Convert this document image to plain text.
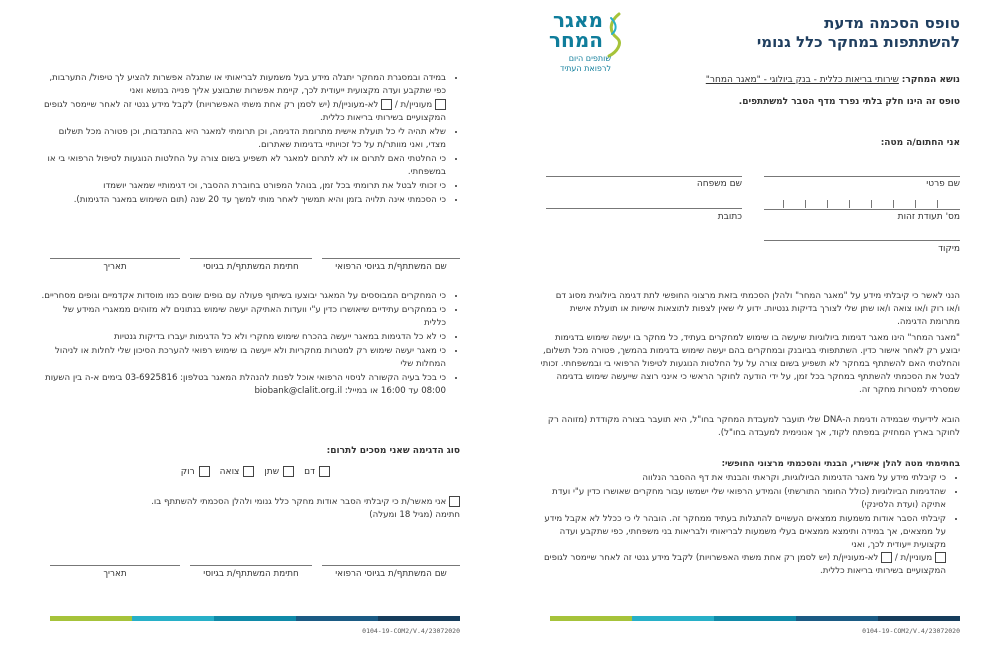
• במידה ובמסגרת המחקר יתגלה מידע בעל משמעות לבריאותי או שתגלה אפשרות להציע לך טיפול/ התערבות, כפי שתקבע ועדה מקצועית ייעודית לכך, קיימת אפשרות שתבוצע אליך פנייה בנושא ואני
מעוניין/ת /  לא-מעוניין/ת (יש לסמן רק אחת משתי האפשרויות) לקבל מידע גנטי זה לאחר שיימסר לגופים המקצועיים בשירותי בריאות כללית.
• שלא תהיה לי כל תועלת אישית מתרומת הדגימה, וכן תרומתי למאגר היא בהתנדבות, וכן פטורה מכל תשלום מצדי, ואני מוותר/ת על כל זכויותיי בדגימות שאתרום.
• כי החלטתי האם לתרום או לא לתרום למאגר לא תשפיע בשום צורה על החלטות הנוגעות לטיפול הרפואי בי או במשפחתי.
• כי זכותי לבטל את תרומתי בכל זמן, בנוהל המפורט בחוברת ההסבר, וכי דגימותיי שמאגר יושמדו
• כי הסכמתי אינה תלויה בזמן והיא תמשיך לאחר מותי למשך עד 20 שנה (תום השימוש במאגר הדגימות).
שם המשתתף/ת בגיוסי הרפואי
חתימת המשתתף/ת בגיוסי
תאריך
• כי המחקרים המבוססים על המאגר יבוצעו בשיתוף פעולה עם גופים שונים כמו מוסדות אקדמיים וגופים מסחריים.
• כי במחקרים עתידיים שיאושרו כדין ע"י וועדות האתיקה יעשה שימוש בנתונים לא מזוהים ממאגרי המידע של כללית
• כי לא כל הדגימות במאגר ייעשה בהכרח שימוש מחקרי ולא כל הדגימות יעברו בדיקות גנטיות
• כי מאגר יעשה שימוש רק למטרות מחקריות ולא ייעשה בו שימוש רפואי להערכת הסיכון שלי לחלות או לניהול המחלות שלי
• כי בכל בעיה הקשורה לניסוי הרפואי אוכל לפנות להנהלת המאגר בטלפון: 03-6925816 בימים א-ה בין השעות 08:00 עד 16:00 או במייל: biobank@clalit.org.il
סוג הדגימה שאני מסכים לתרום:
דם
שתן
צואה
רוק
אני מאשר/ת כי קיבלתי הסבר אודות מחקר כלל גנומי ולהלן הסכמתי להשתתף בו.
חתימה (מגיל 18 ומעלה)
שם המשתתף/ת בגיוסי הרפואי
חתימת המשתתף/ת בגיוסי
תאריך
0104-19-COM2/V.4/23072020
מאגר
המחר
שותפים היום
לרפואת העתיד
טופס הסכמה מדעת
להשתתפות במחקר כלל גנומי
נושא המחקר: שירותי בריאות כללית - בנק ביולוגי - "מאגר המחר"
טופס זה הינו חלק בלתי נפרד מדף הסבר למשתתפים.
אני החתום/ה מטה:
שם פרטי
שם משפחה
מס' תעודת זהות
כתובת
מיקוד
הנני לאשר כי קיבלתי מידע על "מאגר המחר" ולהלן הסכמתי בזאת מרצוני החופשי לתת דגימה ביולוגית מסוג דם ו/או רוק ו/או צואה ו/או שתן שלי לצורך בדיקות גנטיות. ידוע לי שאין לצפות לתוצאות אישיות או תועלת אישית מתרומת הדגימה.
"מאגר המחר" הינו מאגר דגימות ביולוגיות שיעשה בו שימוש למחקרים בעתיד, כל מחקר בו יעשה שימוש בדגימות יבוצע רק לאחר אישור כדין. השתתפותי בביובנק ובמחקרים בהם יעשה שימוש בדגימות בהמשך, פטורה מכל תשלום, והחלטתי האם להשתתף במחקר לא תשפיע בשום צורה על על החלטות הנוגעות לטיפול הרפואי בי ובמשפחתי. זכותי לבטל את הסכמתי להשתתף במחקר בכל זמן, על ידי הודעה לחוקר הראשי כי אינני רוצה שייעשה שימוש בדגימה שמסרתי למטרות מחקר זה.
הובא לידיעתי שבמידה ודגימת ה-DNA שלי תועבר למעבדת המחקר בחו"ל, היא תועבר בצורה מקודדת (מזוהה רק לחוקר בארץ המחזיק במפתח לקוד, אך אנונימית למעבדה בחו"ל).
בחתימתי מטה להלן אישורי, הבנתי והסכמתי מרצוני החופשי:
• כי קיבלתי מידע על מאגר הדגימות הביולוגיות, וקראתי והבנתי את דף ההסבר הנלווה
• שהדגימות הביולוגיות (כולל החומר התורשתי) והמידע הרפואי שלי ישמשו עבור מחקרים שאושרו כדין ע"י ועדת אתיקה (ועדת הלסינקי)
• קיבלתי הסבר אודות משמעות ממצאים העשויים להתגלות בעתיד ממחקר זה. הובהר לי כי ככלל לא אקבל מידע על ממצאים, אך במידה ותימצא ממצאים בעלי משמעות לבריאותי ולבריאות בני משפחתי, כפי שתקבע ועדה מקצועית ייעודית לכך, ואני
מעוניין/ת /  לא-מעוניין/ת (יש לסמן רק אחת משתי האפשרויות) לקבל מידע גנטי זה לאחר שיימסר לגופים המקצועיים בשירותי בריאות כללית.
0104-19-COM2/V.4/23072020
